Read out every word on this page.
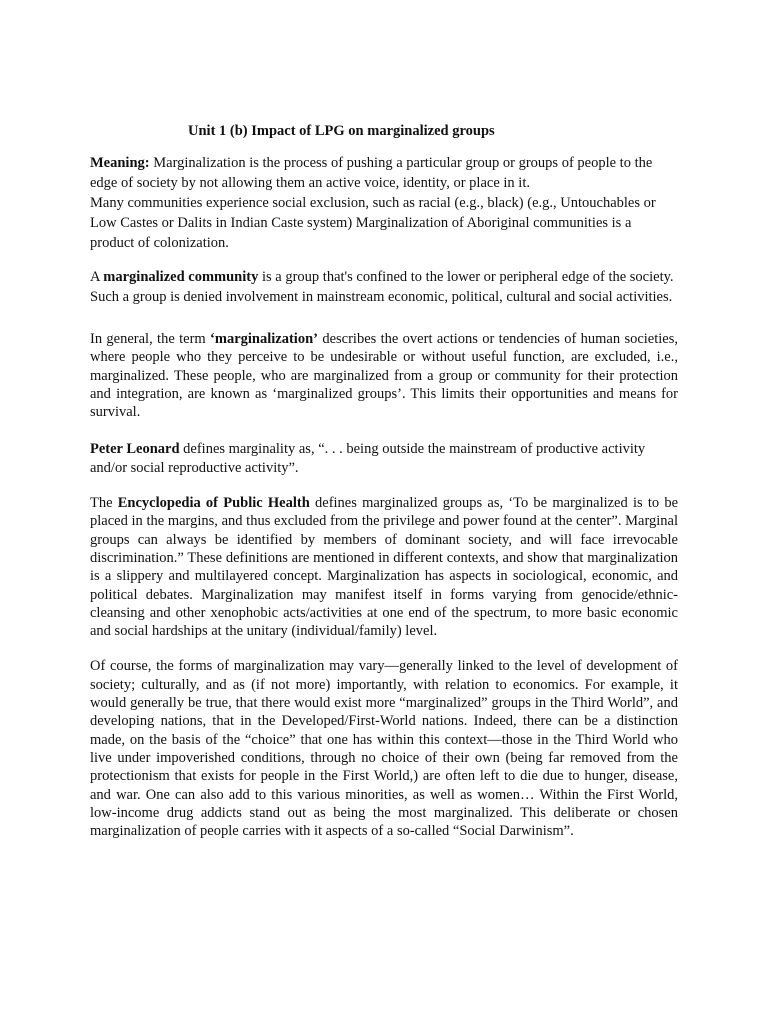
Unit 1 (b) Impact of LPG on marginalized groups

Meaning: Marginalization is the process of pushing a particular group or groups of people to the edge of society by not allowing them an active voice, identity, or place in it.

Many communities experience social exclusion, such as racial (e.g., black) (e.g., Untouchables or Low Castes or Dalits in Indian Caste system) Marginalization of Aboriginal communities is a product of colonization.

A marginalized community is a group that's confined to the lower or peripheral edge of the society. Such a group is denied involvement in mainstream economic, political, cultural and social activities.

In general, the term ‘marginalization’ describes the overt actions or tendencies of human societies, where people who they perceive to be undesirable or without useful function, are excluded, i.e., marginalized. These people, who are marginalized from a group or community for their protection and integration, are known as ‘marginalized groups’. This limits their opportunities and means for survival.

Peter Leonard defines marginality as, “. . . being outside the mainstream of productive activity and/or social reproductive activity”.

The Encyclopedia of Public Health defines marginalized groups as, ‘To be marginalized is to be placed in the margins, and thus excluded from the privilege and power found at the center”. Marginal groups can always be identified by members of dominant society, and will face irrevocable discrimination.” These definitions are mentioned in different contexts, and show that marginalization is a slippery and multilayered concept. Marginalization has aspects in sociological, economic, and political debates. Marginalization may manifest itself in forms varying from genocide/ethnic-cleansing and other xenophobic acts/activities at one end of the spectrum, to more basic economic and social hardships at the unitary (individual/family) level.

Of course, the forms of marginalization may vary—generally linked to the level of development of society; culturally, and as (if not more) importantly, with relation to economics. For example, it would generally be true, that there would exist more “marginalized” groups in the Third World”, and developing nations, that in the Developed/First-World nations. Indeed, there can be a distinction made, on the basis of the “choice” that one has within this context—those in the Third World who live under impoverished conditions, through no choice of their own (being far removed from the protectionism that exists for people in the First World,) are often left to die due to hunger, disease, and war. One can also add to this various minorities, as well as women… Within the First World, low-income drug addicts stand out as being the most marginalized. This deliberate or chosen marginalization of people carries with it aspects of a so-called “Social Darwinism”.
